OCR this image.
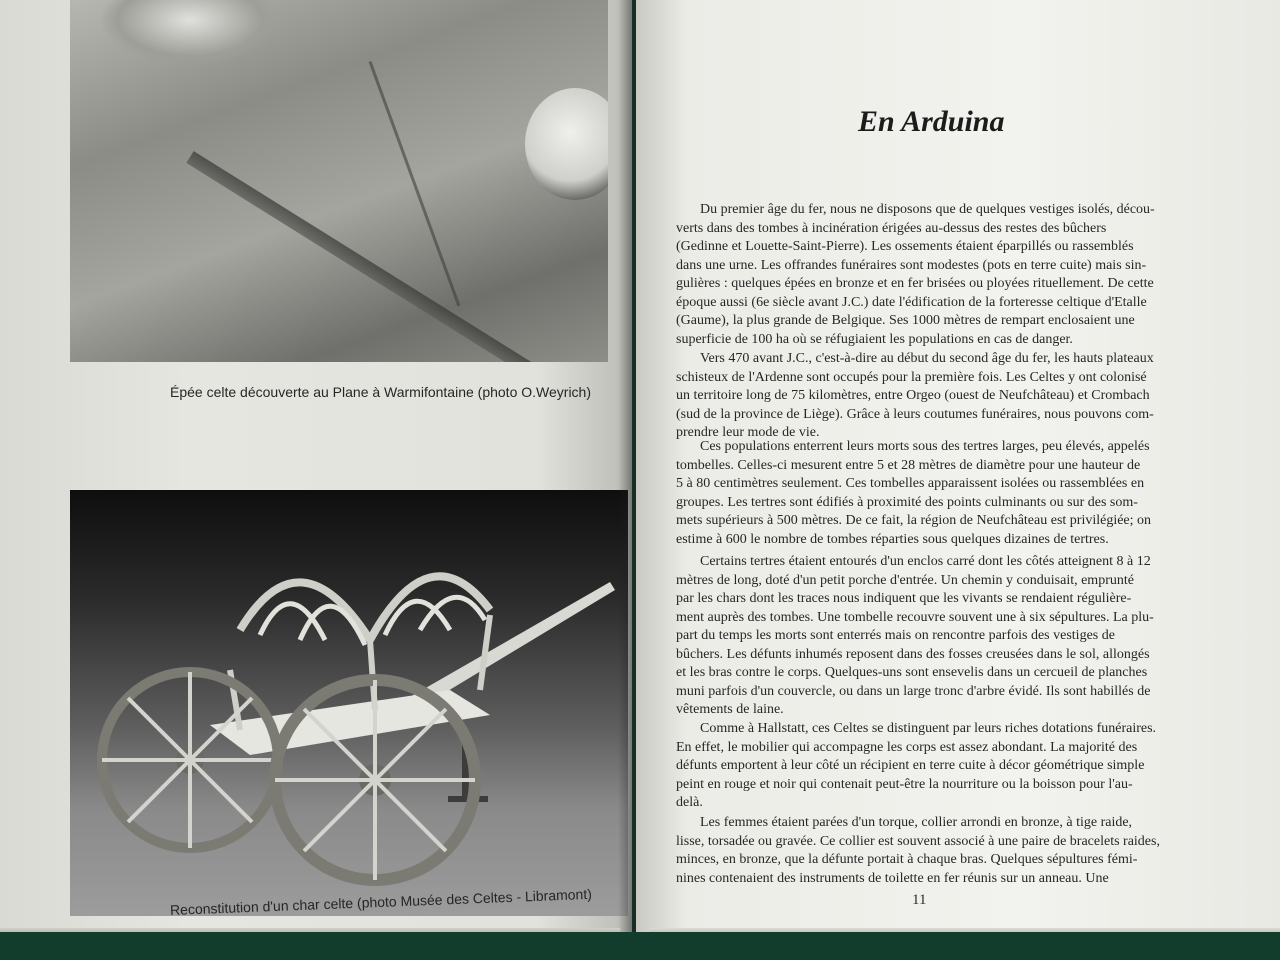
Épée celte découverte au Plane à Warmifontaine (photo O.Weyrich)
Reconstitution d'un char celte (photo Musée des Celtes - Libramont)
En Arduina
Du premier âge du fer, nous ne disposons que de quelques vestiges isolés, décou-
verts dans des tombes à incinération érigées au-dessus des restes des bûchers
(Gedinne et Louette-Saint-Pierre). Les ossements étaient éparpillés ou rassemblés
dans une urne. Les offrandes funéraires sont modestes (pots en terre cuite) mais sin-
gulières : quelques épées en bronze et en fer brisées ou ployées rituellement. De cette
époque aussi (6e siècle avant J.C.) date l'édification de la forteresse celtique d'Etalle
(Gaume), la plus grande de Belgique. Ses 1000 mètres de rempart enclosaient une
superficie de 100 ha où se réfugiaient les populations en cas de danger.
Vers 470 avant J.C., c'est-à-dire au début du second âge du fer, les hauts plateaux
schisteux de l'Ardenne sont occupés pour la première fois. Les Celtes y ont colonisé
un territoire long de 75 kilomètres, entre Orgeo (ouest de Neufchâteau) et Crombach
(sud de la province de Liège). Grâce à leurs coutumes funéraires, nous pouvons com-
prendre leur mode de vie.
Ces populations enterrent leurs morts sous des tertres larges, peu élevés, appelés
tombelles. Celles-ci mesurent entre 5 et 28 mètres de diamètre pour une hauteur de
5 à 80 centimètres seulement. Ces tombelles apparaissent isolées ou rassemblées en
groupes. Les tertres sont édifiés à proximité des points culminants ou sur des som-
mets supérieurs à 500 mètres. De ce fait, la région de Neufchâteau est privilégiée; on
estime à 600 le nombre de tombes réparties sous quelques dizaines de tertres.
Certains tertres étaient entourés d'un enclos carré dont les côtés atteignent 8 à 12
mètres de long, doté d'un petit porche d'entrée. Un chemin y conduisait, emprunté
par les chars dont les traces nous indiquent que les vivants se rendaient régulière-
ment auprès des tombes. Une tombelle recouvre souvent une à six sépultures. La plu-
part du temps les morts sont enterrés mais on rencontre parfois des vestiges de
bûchers. Les défunts inhumés reposent dans des fosses creusées dans le sol, allongés
et les bras contre le corps. Quelques-uns sont ensevelis dans un cercueil de planches
muni parfois d'un couvercle, ou dans un large tronc d'arbre évidé. Ils sont habillés de
vêtements de laine.
Comme à Hallstatt, ces Celtes se distinguent par leurs riches dotations funéraires.
En effet, le mobilier qui accompagne les corps est assez abondant. La majorité des
défunts emportent à leur côté un récipient en terre cuite à décor géométrique simple
peint en rouge et noir qui contenait peut-être la nourriture ou la boisson pour l'au-
delà.
Les femmes étaient parées d'un torque, collier arrondi en bronze, à tige raide,
lisse, torsadée ou gravée. Ce collier est souvent associé à une paire de bracelets raides,
minces, en bronze, que la défunte portait à chaque bras. Quelques sépultures fémi-
nines contenaient des instruments de toilette en fer réunis sur un anneau. Une
11
